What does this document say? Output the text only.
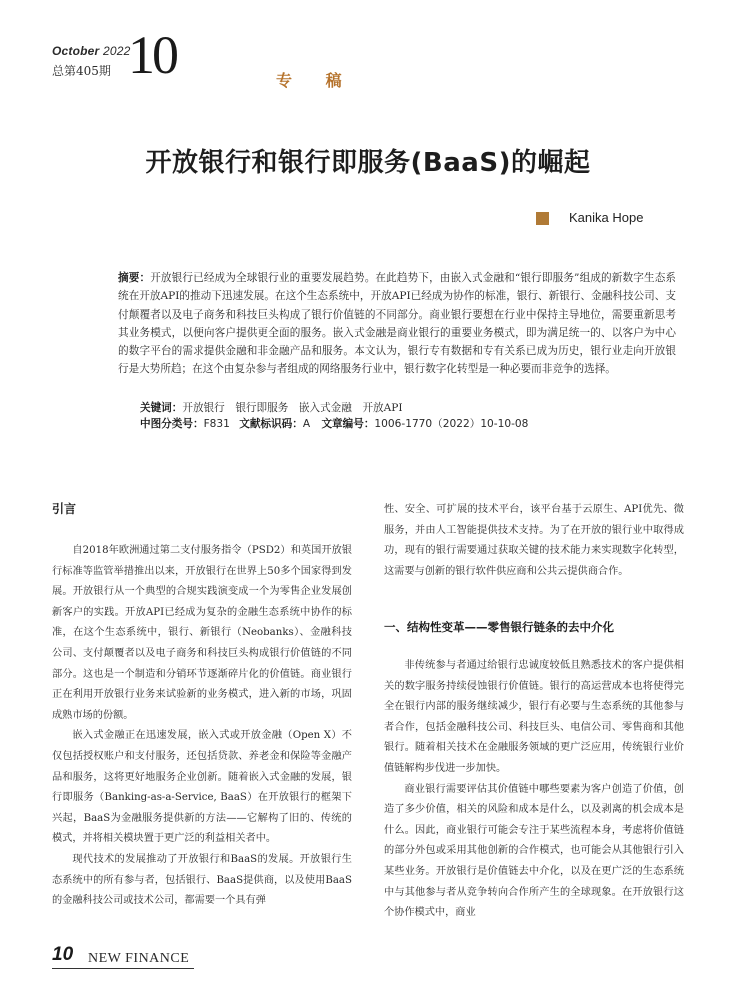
October 2022
总第405期 10	专 稿
开放银行和银行即服务(BaaS)的崛起
Kanika Hope
摘要：开放银行已经成为全球银行业的重要发展趋势。在此趋势下，由嵌入式金融和“银行即服务”组成的新数字生态系统在开放API的推动下迅速发展。在这个生态系统中，开放API已经成为协作的标准，银行、新银行、金融科技公司、支付颠覆者以及电子商务和科技巨头构成了银行价值链的不同部分。商业银行要想在行业中保持主导地位，需要重新思考其业务模式，以便向客户提供更全面的服务。嵌入式金融是商业银行的重要业务模式，即为满足统一的、以客户为中心的数字平台的需求提供金融和非金融产品和服务。本文认为，银行专有数据和专有关系已成为历史，银行业走向开放银行是大势所趋；在这个由复杂参与者组成的网络服务行业中，银行数字化转型是一种必要而非竞争的选择。
关键词：开放银行　银行即服务　嵌入式金融　开放API
中图分类号：F831 文献标识码：A 文章编号：1006-1770（2022）10-10-08
引言

自2018年欧洲通过第二支付服务指令（PSD2）和英国开放银行标准等监管举措推出以来，开放银行在世界上50多个国家得到发展。开放银行从一个典型的合规实践演变成一个为零售企业发展创新客户的实践。开放API已经成为复杂的金融生态系统中协作的标准，在这个生态系统中，银行、新银行（Neobanks）、金融科技公司、支付颠覆者以及电子商务和科技巨头构成银行价值链的不同部分。这也是一个制造和分销环节逐渐碎片化的价值链。商业银行正在利用开放银行业务来试验新的业务模式，进入新的市场，巩固成熟市场的份额。

嵌入式金融正在迅速发展，嵌入式或开放金融（Open X）不仅包括授权账户和支付服务，还包括贷款、养老金和保险等金融产品和服务，这将更好地服务企业创新。随着嵌入式金融的发展，银行即服务（Banking-as-a-Service, BaaS）在开放银行的框架下兴起，BaaS为金融服务提供新的方法——它解构了旧的、传统的模式，并将相关模块置于更广泛的利益相关者中。

现代技术的发展推动了开放银行和BaaS的发展。开放银行生态系统中的所有参与者，包括银行、BaaS提供商，以及使用BaaS的金融科技公司或技术公司，都需要一个具有弹

性、安全、可扩展的技术平台，该平台基于云原生、API优先、微服务，并由人工智能提供技术支持。为了在开放的银行业中取得成功，现有的银行需要通过获取关键的技术能力来实现数字化转型，这需要与创新的银行软件供应商和公共云提供商合作。

一、结构性变革——零售银行链条的去中介化

非传统参与者通过给银行忠诚度较低且熟悉技术的客户提供相关的数字服务持续侵蚀银行价值链。银行的高运营成本也将使得完全在银行内部的服务继续减少，银行有必要与生态系统的其他参与者合作，包括金融科技公司、科技巨头、电信公司、零售商和其他银行。随着相关技术在金融服务领域的更广泛应用，传统银行业价值链解构步伐进一步加快。

商业银行需要评估其价值链中哪些要素为客户创造了价值，创造了多少价值，相关的风险和成本是什么，以及剥离的机会成本是什么。因此，商业银行可能会专注于某些流程本身，考虑将价值链的部分外包或采用其他创新的合作模式，也可能会从其他银行引入某些业务。开放银行是价值链去中介化，以及在更广泛的生态系统中与其他参与者从竞争转向合作所产生的全球现象。在开放银行这个协作模式中，商业

10 NEW FINANCE
